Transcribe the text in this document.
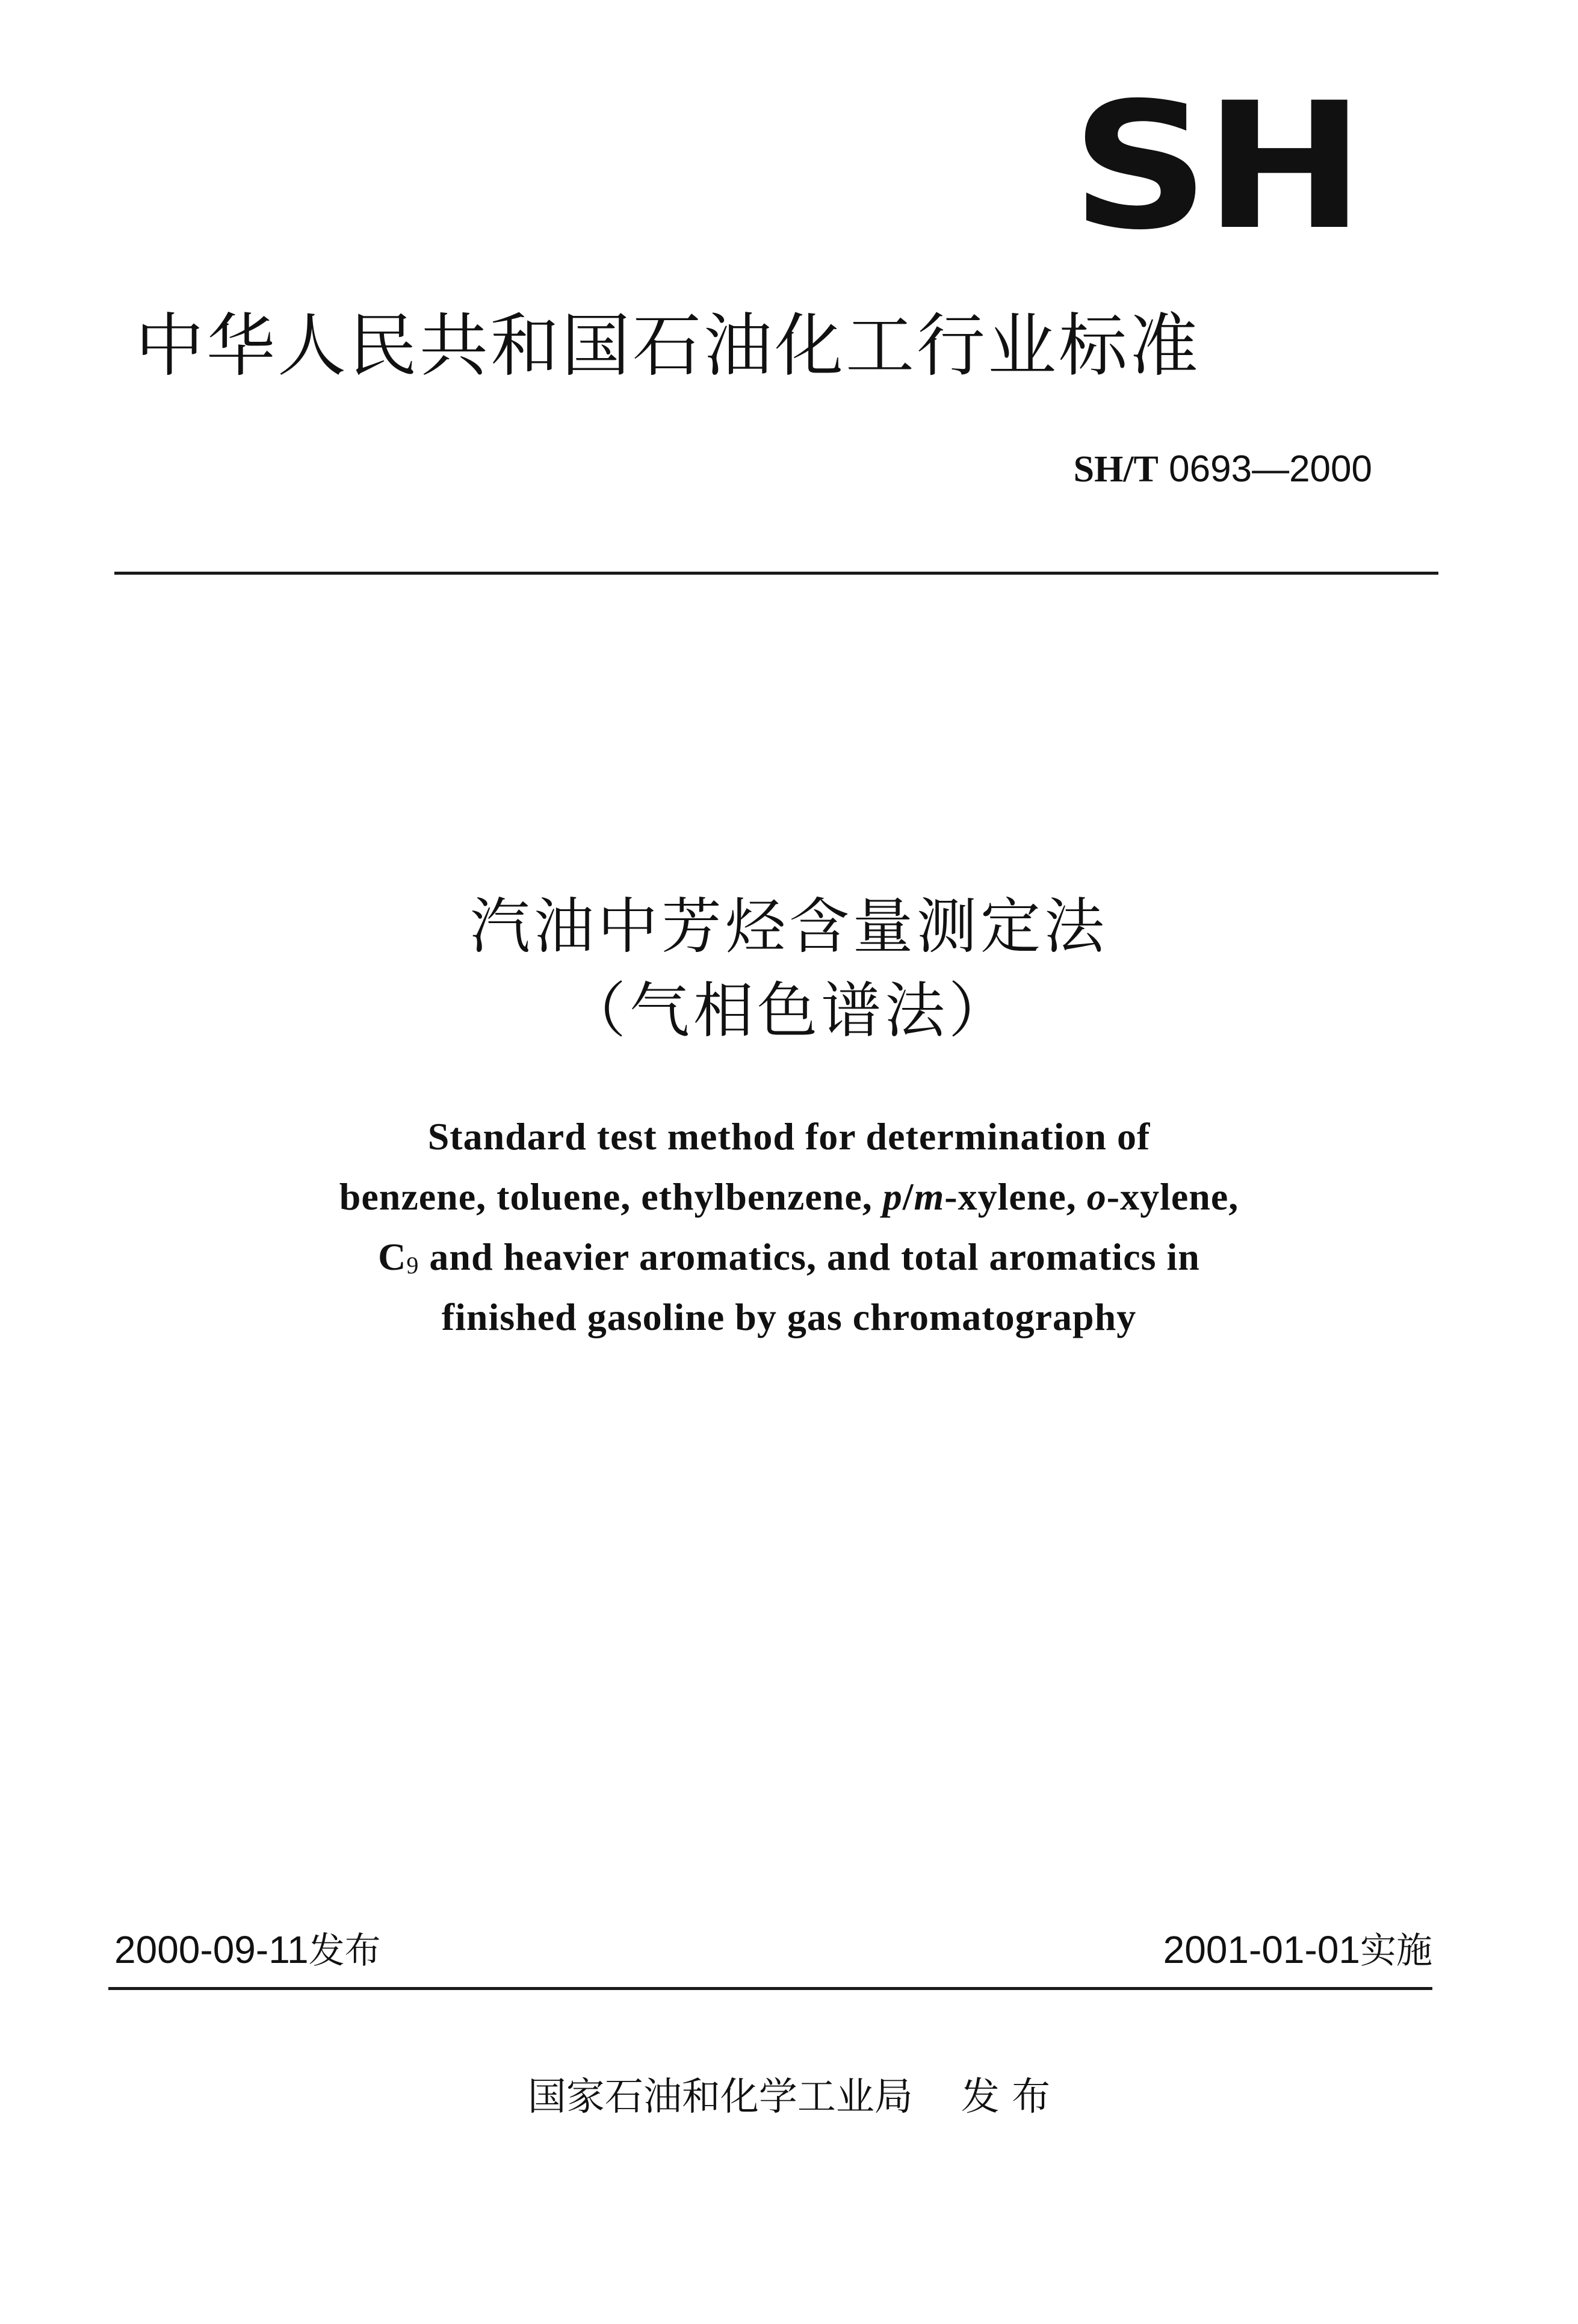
SH
中华人民共和国石油化工行业标准
SH/T 0693—2000
汽油中芳烃含量测定法
（气相色谱法）
Standard test method for determination of
benzene, toluene, ethylbenzene, p/m-xylene, o-xylene,
$C_9$ and heavier aromatics, and total aromatics in
finished gasoline by gas chromatography
2000-09-11发布	2001-01-01实施
国家石油和化学工业局 发 布
